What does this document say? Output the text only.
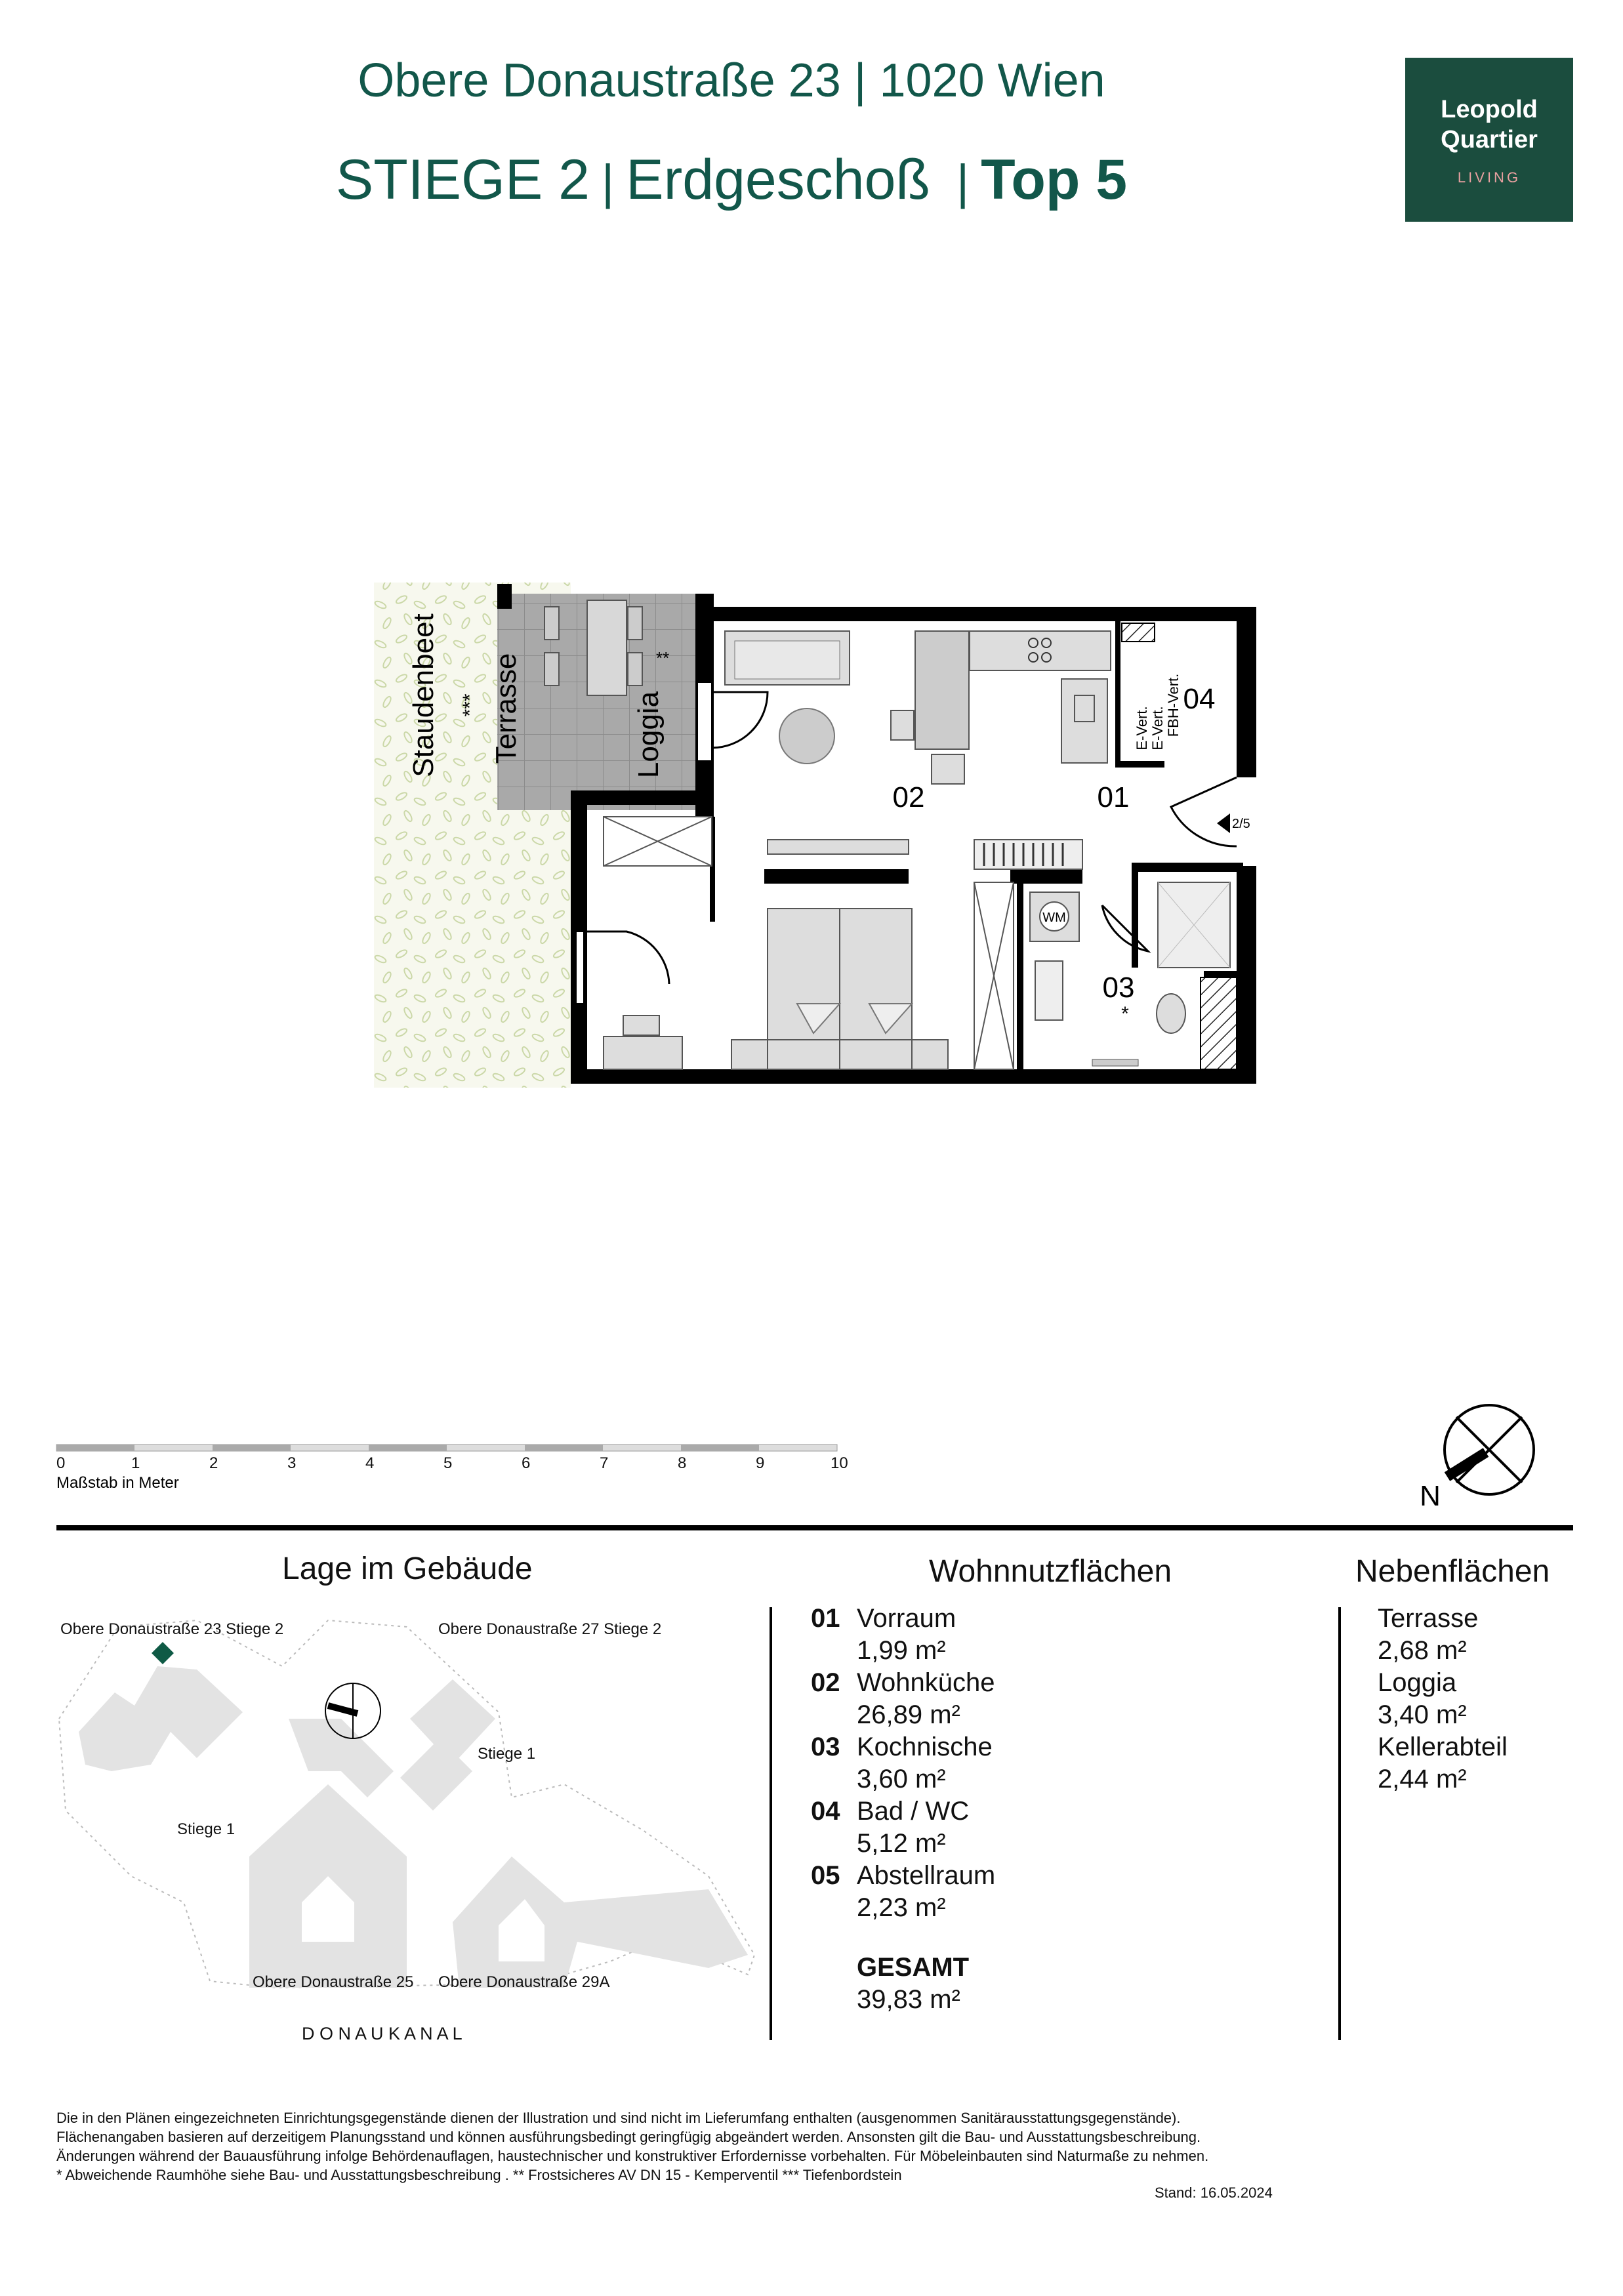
Obere Donaustraße 23 | 1020 Wien
STIEGE 2 | Erdgeschoß | Top 5
Leopold
Quartier
LIVING
Staudenbeet *** Terrasse	Loggia
**
2/5
E-Vert. E-Vert. FBH-Vert.
WM
02	01
03
*
04
Maßstab in Meter	N
0	1	2	3	4	5	6	7	8	9	10
Lage im Gebäude
Obere Donaustraße 23 Stiege 2	Obere Donaustraße 27 Stiege 2
Stiege 1
Stiege 1
Obere Donaustraße 25 Obere Donaustraße 29A
D O N A U K A N A L
Wohnnutzflächen
01 Vorraum
1,99 m²
02 Wohnküche
26,89 m²
03 Kochnische
3,60 m²
04 Bad / WC
5,12 m²
05 Abstellraum
2,23 m²
GESAMT
39,83 m²
Nebenflächen
Terrasse
2,68 m²
Loggia
3,40 m²
Kellerabteil
2,44 m²
Die in den Plänen eingezeichneten Einrichtungsgegenstände dienen der Illustration und sind nicht im Lieferumfang enthalten (ausgenommen Sanitärausstattungsgegenstände).
Flächenangaben basieren auf derzeitigem Planungsstand und können ausführungsbedingt geringfügig abgeändert werden. Ansonsten gilt die Bau- und Ausstattungsbeschreibung.
Änderungen während der Bauausführung infolge Behördenauflagen, haustechnischer und konstruktiver Erfordernisse vorbehalten. Für Möbeleinbauten sind Naturmaße zu nehmen.
* Abweichende Raumhöhe siehe Bau- und Ausstattungsbeschreibung . ** Frostsicheres AV DN 15 - Kemperventil *** Tiefenbordstein
Stand: 16.05.2024
